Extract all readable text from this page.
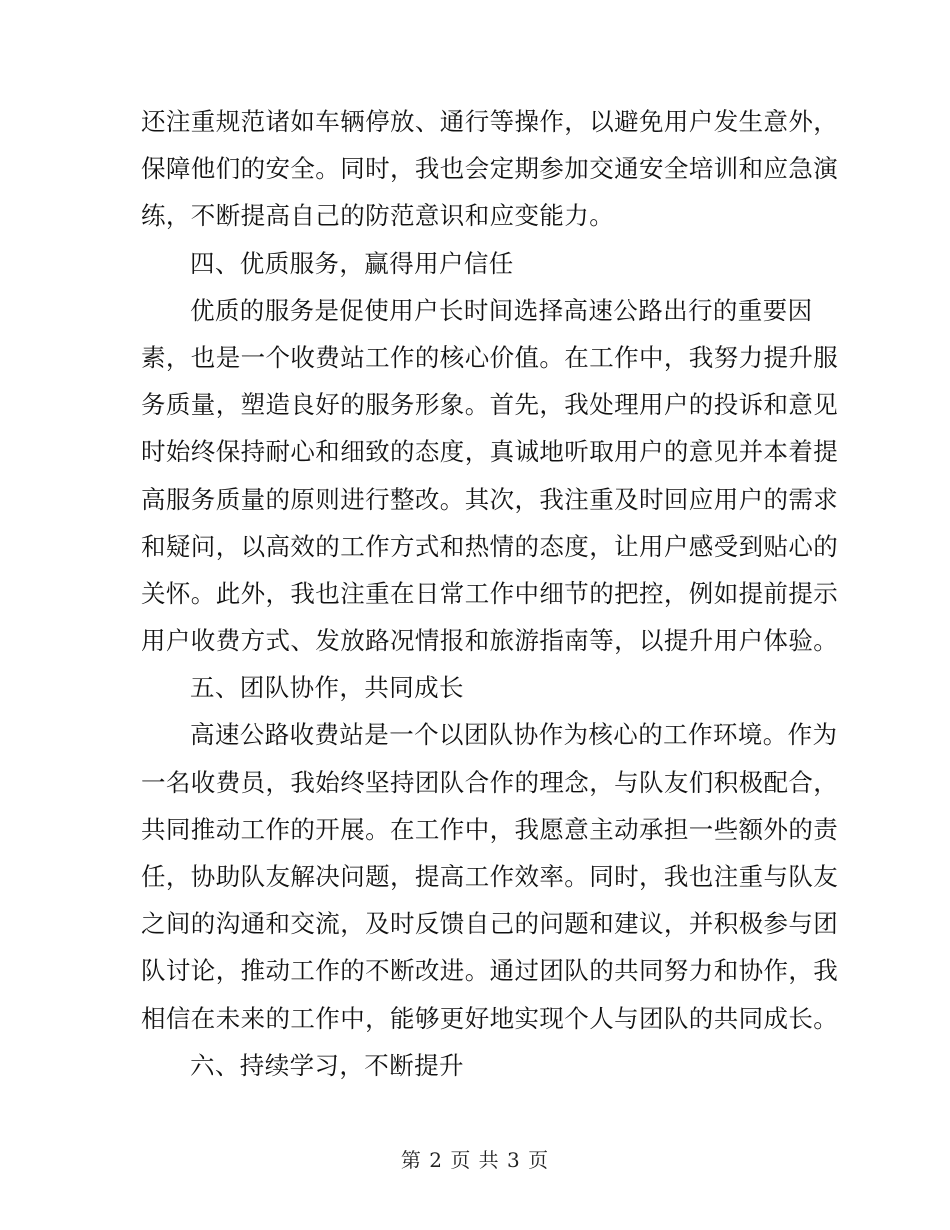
还注重规范诸如车辆停放、通行等操作，以避免用户发生意外，
保障他们的安全。同时，我也会定期参加交通安全培训和应急演
练，不断提高自己的防范意识和应变能力。
四、优质服务，赢得用户信任
优质的服务是促使用户长时间选择高速公路出行的重要因
素，也是一个收费站工作的核心价值。在工作中，我努力提升服
务质量，塑造良好的服务形象。首先，我处理用户的投诉和意见
时始终保持耐心和细致的态度，真诚地听取用户的意见并本着提
高服务质量的原则进行整改。其次，我注重及时回应用户的需求
和疑问，以高效的工作方式和热情的态度，让用户感受到贴心的
关怀。此外，我也注重在日常工作中细节的把控，例如提前提示
用户收费方式、发放路况情报和旅游指南等，以提升用户体验。
五、团队协作，共同成长
高速公路收费站是一个以团队协作为核心的工作环境。作为
一名收费员，我始终坚持团队合作的理念，与队友们积极配合，
共同推动工作的开展。在工作中，我愿意主动承担一些额外的责
任，协助队友解决问题，提高工作效率。同时，我也注重与队友
之间的沟通和交流，及时反馈自己的问题和建议，并积极参与团
队讨论，推动工作的不断改进。通过团队的共同努力和协作，我
相信在未来的工作中，能够更好地实现个人与团队的共同成长。
六、持续学习，不断提升
第 2 页 共 3 页
